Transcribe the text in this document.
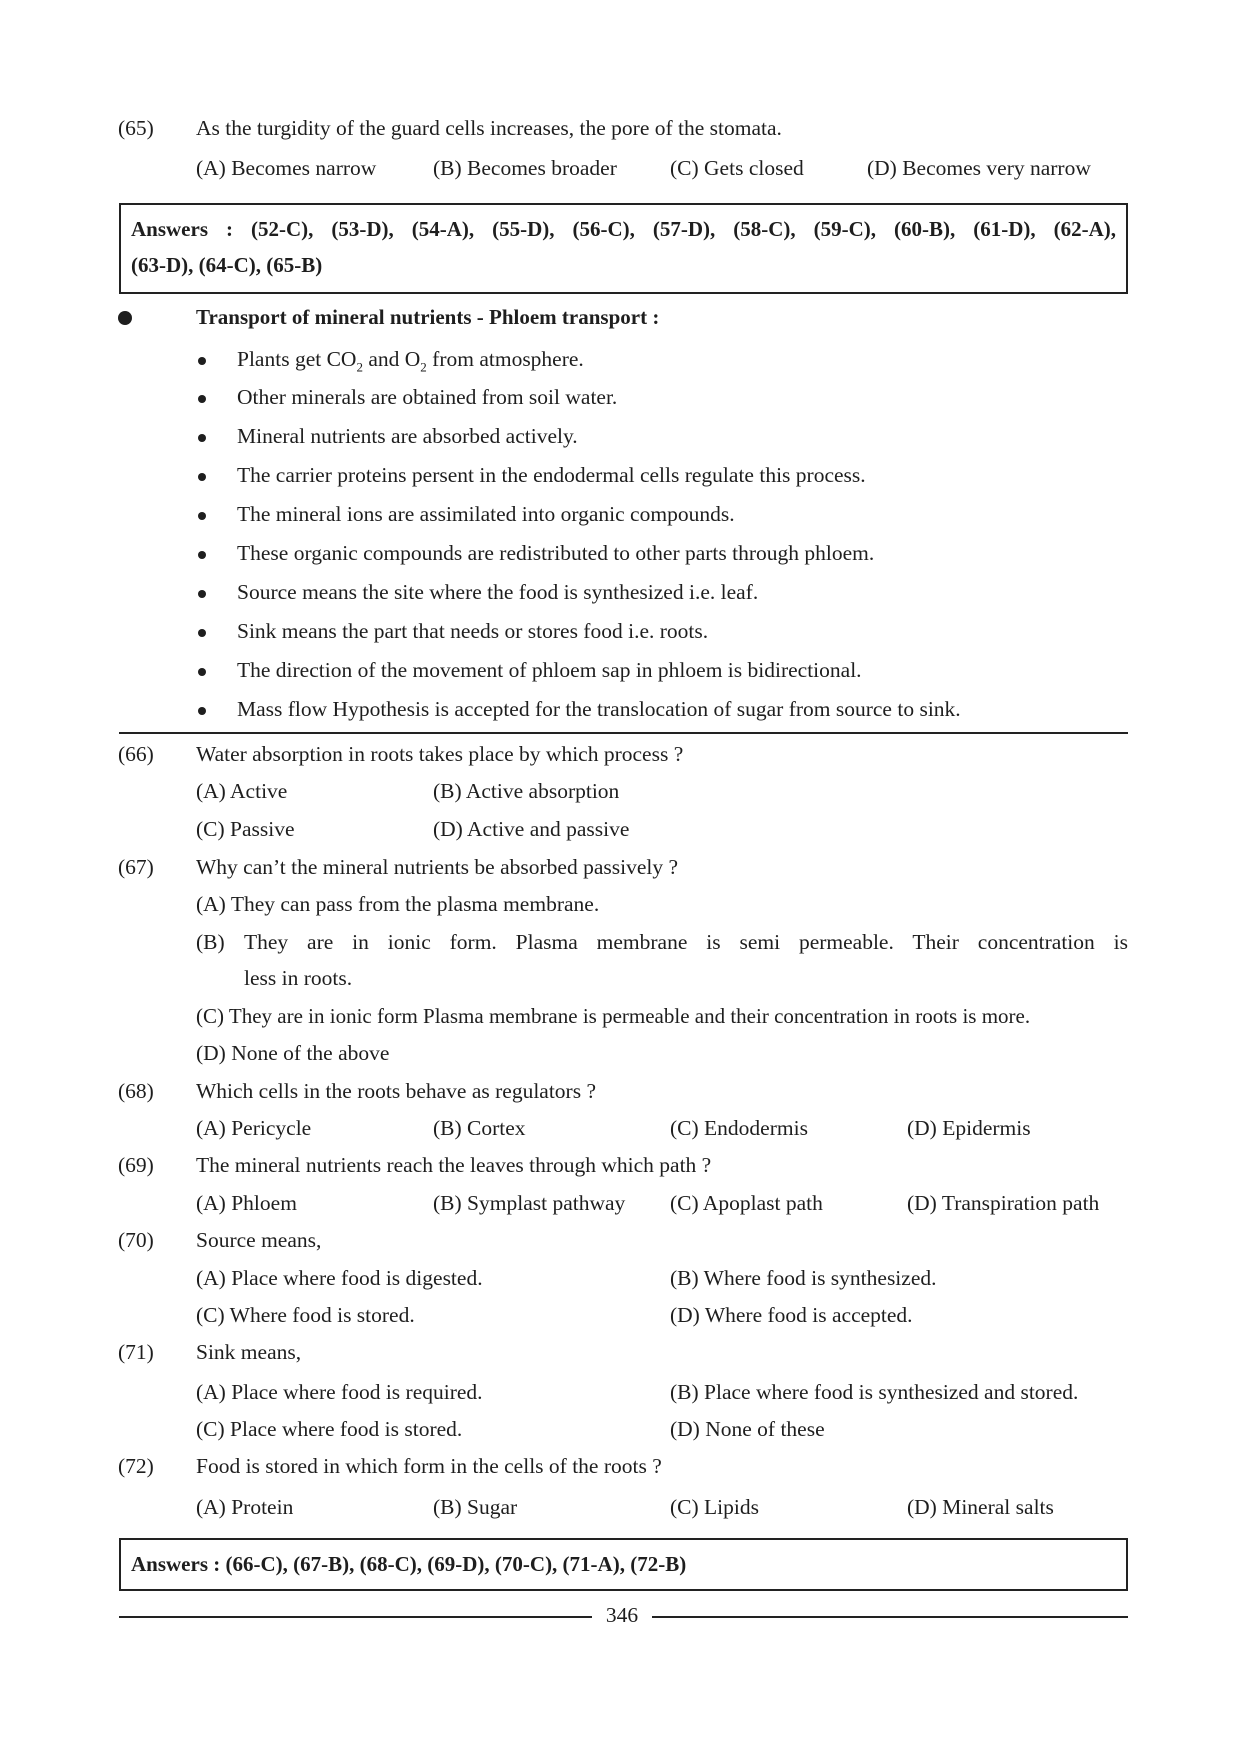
(65) As the turgidity of the guard cells increases, the pore of the stomata.
(A) Becomes narrow	(B) Becomes broader (C) Gets closed	(D) Becomes very narrow
Answers : (52-C), (53-D), (54-A), (55-D), (56-C), (57-D), (58-C), (59-C), (60-B), (61-D), (62-A),
(63-D), (64-C), (65-B)
Transport of mineral nutrients - Phloem transport :
Plants get $CO_2$ and $O_2$ from atmosphere.
Other minerals are obtained from soil water.
Mineral nutrients are absorbed actively.
The carrier proteins persent in the endodermal cells regulate this process.
The mineral ions are assimilated into organic compounds.
These organic compounds are redistributed to other parts through phloem.
Source means the site where the food is synthesized i.e. leaf.
Sink means the part that needs or stores food i.e. roots.
The direction of the movement of phloem sap in phloem is bidirectional.
Mass flow Hypothesis is accepted for the translocation of sugar from source to sink.
(66) Water absorption in roots takes place by which process ?
(A) Active	(B) Active absorption
(C) Passive	(D) Active and passive
(67) Why can’t the mineral nutrients be absorbed passively ?
(A) They can pass from the plasma membrane.
(B) They are in ionic form. Plasma membrane is semi permeable. Their concentration is
less in roots.
(C) They are in ionic form Plasma membrane is permeable and their concentration in roots is more.
(D) None of the above
(68) Which cells in the roots behave as regulators ?
(A) Pericycle	(B) Cortex	(C) Endodermis	(D) Epidermis
(69) The mineral nutrients reach the leaves through which path ?
(A) Phloem	(B) Symplast pathway (C) Apoplast path	(D) Transpiration path
(70) Source means,
(A) Place where food is digested.	(B) Where food is synthesized.
(C) Where food is stored.	(D) Where food is accepted.
(71) Sink means,
(A) Place where food is required.	(B) Place where food is synthesized and stored.
(C) Place where food is stored.	(D) None of these
(72) Food is stored in which form in the cells of the roots ?
(A) Protein	(B) Sugar	(C) Lipids	(D) Mineral salts
Answers : (66-C), (67-B), (68-C), (69-D), (70-C), (71-A), (72-B)
346
